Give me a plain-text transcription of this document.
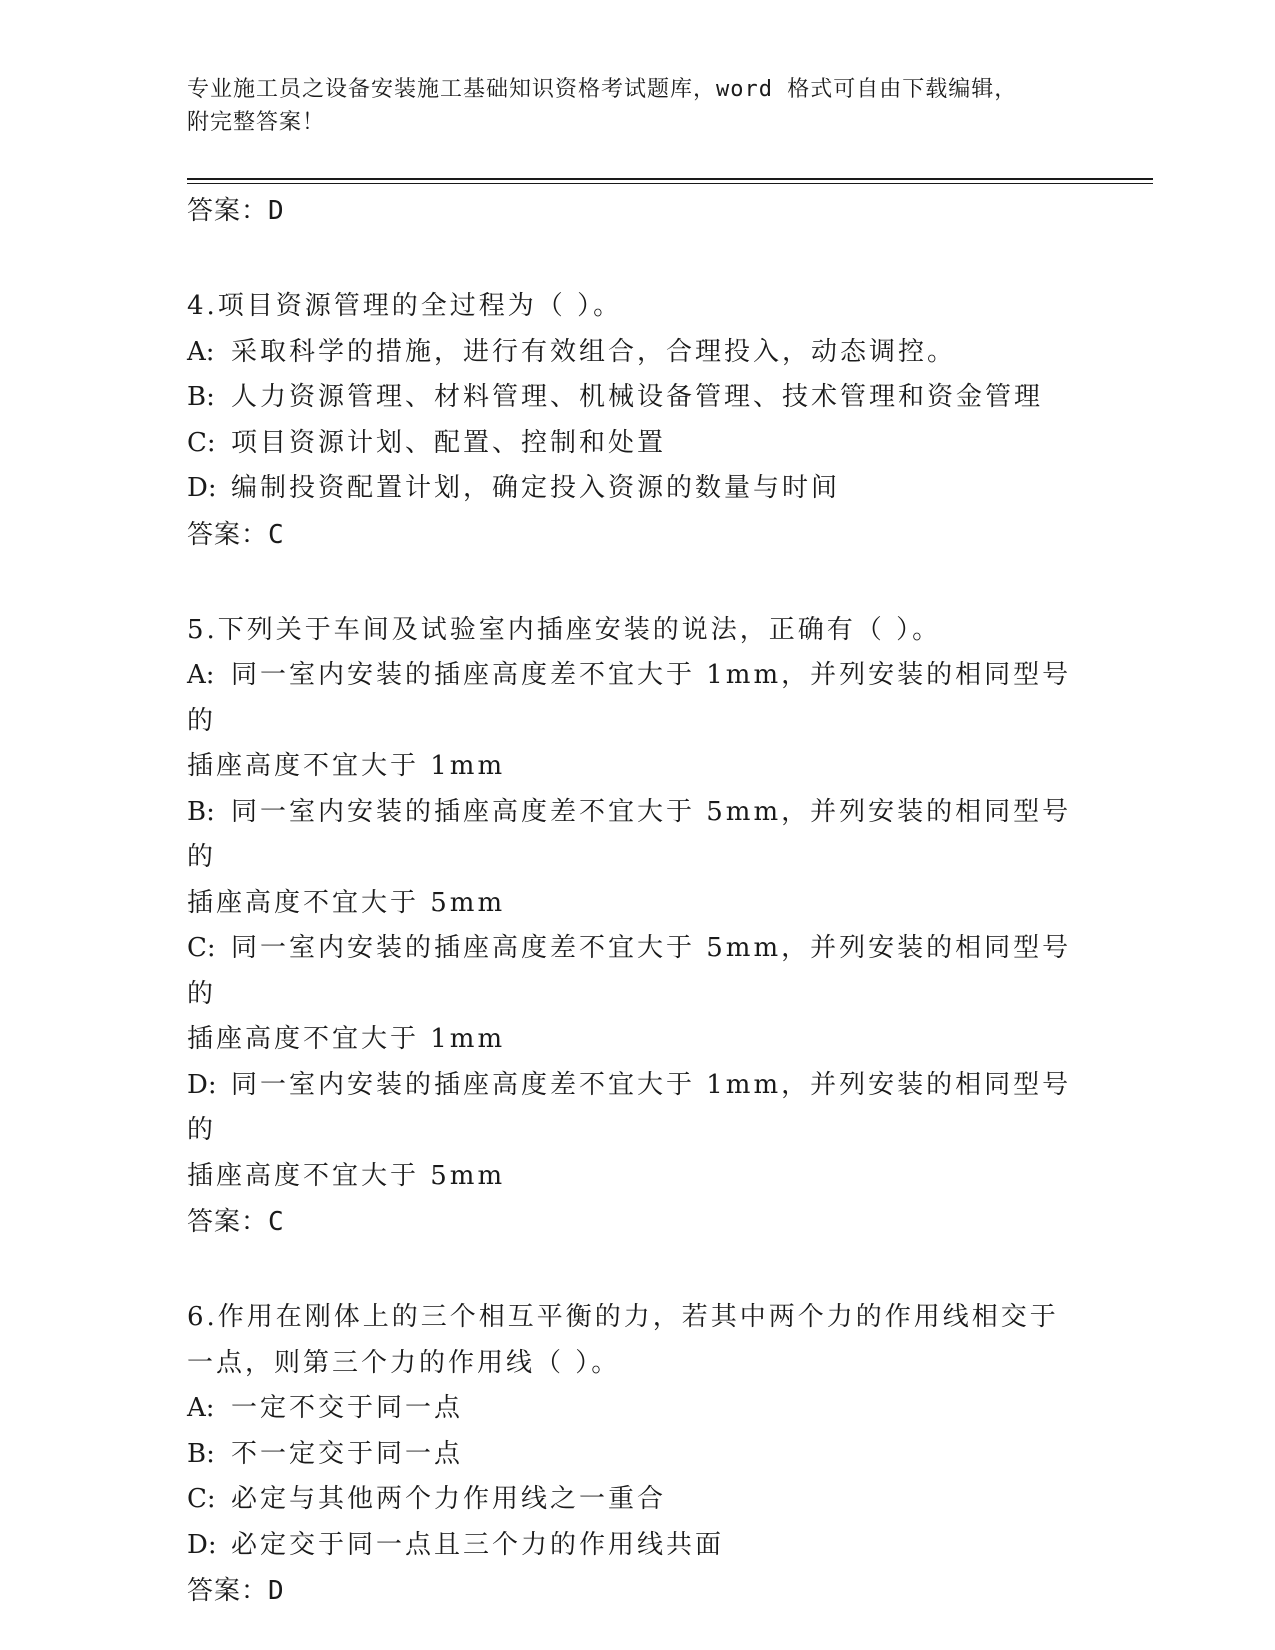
专业施工员之设备安装施工基础知识资格考试题库，word 格式可自由下载编辑，
附完整答案！
答案：D
4.项目资源管理的全过程为（ ）。
A: 采取科学的措施，进行有效组合，合理投入，动态调控。
B: 人力资源管理、材料管理、机械设备管理、技术管理和资金管理
C: 项目资源计划、配置、控制和处置
D: 编制投资配置计划，确定投入资源的数量与时间
答案：C
5.下列关于车间及试验室内插座安装的说法，正确有（ ）。
A: 同一室内安装的插座高度差不宜大于 1mm，并列安装的相同型号的
插座高度不宜大于 1mm
B: 同一室内安装的插座高度差不宜大于 5mm，并列安装的相同型号的
插座高度不宜大于 5mm
C: 同一室内安装的插座高度差不宜大于 5mm，并列安装的相同型号的
插座高度不宜大于 1mm
D: 同一室内安装的插座高度差不宜大于 1mm，并列安装的相同型号的
插座高度不宜大于 5mm
答案：C
6.作用在刚体上的三个相互平衡的力，若其中两个力的作用线相交于
一点，则第三个力的作用线（ ）。
A: 一定不交于同一点
B: 不一定交于同一点
C: 必定与其他两个力作用线之一重合
D: 必定交于同一点且三个力的作用线共面
答案：D
